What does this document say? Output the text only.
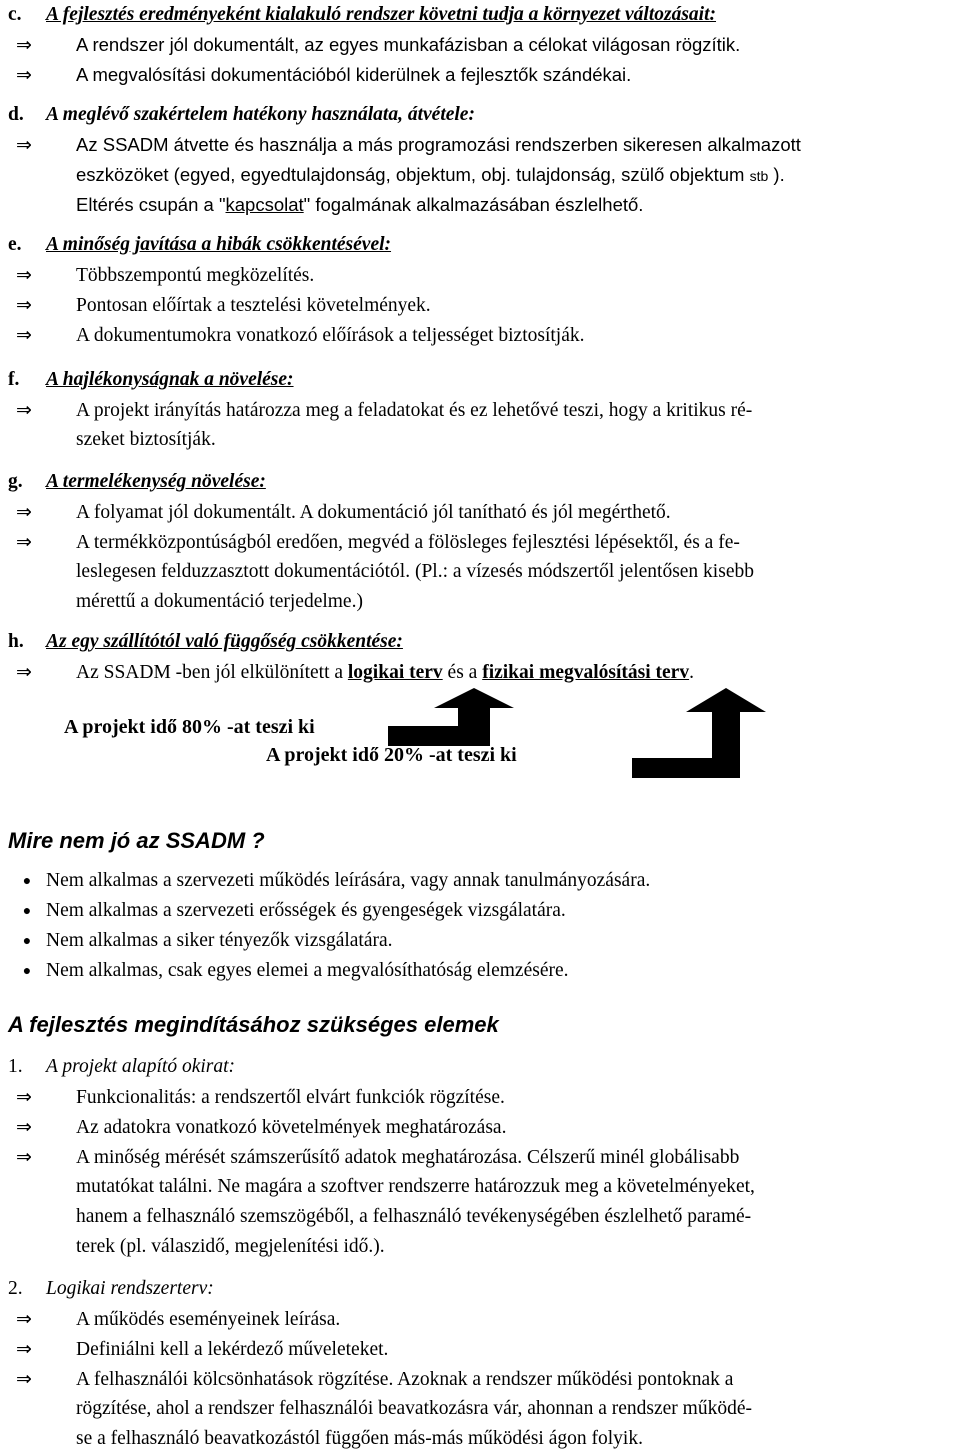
c. A fejlesztés eredményeként kialakuló rendszer követni tudja a környezet változásait:
⇒ A rendszer jól dokumentált, az egyes munkafázisban a célokat világosan rögzítik.
⇒ A megvalósítási dokumentációból kiderülnek a fejlesztők szándékai.
d. A meglévő szakértelem hatékony használata, átvétele:
⇒ Az SSADM átvette és használja a más programozási rendszerben sikeresen alkalmazott
eszközöket (egyed, egyedtulajdonság, objektum, obj. tulajdonság, szülő objektum stb ).
Eltérés csupán a "kapcsolat" fogalmának alkalmazásában észlelhető.
e. A minőség javítása a hibák csökkentésével:
⇒ Többszempontú megközelítés.
⇒ Pontosan előírtak a tesztelési követelmények.
⇒ A dokumentumokra vonatkozó előírások a teljességet biztosítják.
f. A hajlékonyságnak a növelése:
⇒ A projekt irányítás határozza meg a feladatokat és ez lehetővé teszi, hogy a kritikus ré-
szeket biztosítják.
g. A termelékenység növelése:
⇒ A folyamat jól dokumentált. A dokumentáció jól tanítható és jól megérthető.
⇒ A termékközpontúságból eredően, megvéd a fölösleges fejlesztési lépésektől, és a fe-
leslegesen felduzzasztott dokumentációtól. (Pl.: a vízesés módszertől jelentősen kisebb
mérettű a dokumentáció terjedelme.)
h. Az egy szállítótól való függőség csökkentése:
⇒ Az SSADM -ben jól elkülönített a logikai terv és a fizikai megvalósítási terv.
A projekt idő 80% -at teszi ki
A projekt idő 20% -at teszi ki
Mire nem jó az SSADM ?
● Nem alkalmas a szervezeti működés leírására, vagy annak tanulmányozására.
● Nem alkalmas a szervezeti erősségek és gyengeségek vizsgálatára.
● Nem alkalmas a siker tényezők vizsgálatára.
● Nem alkalmas, csak egyes elemei a megvalósíthatóság elemzésére.
A fejlesztés megindításához szükséges elemek
1. A projekt alapító okirat:
⇒ Funkcionalitás: a rendszertől elvárt funkciók rögzítése.
⇒ Az adatokra vonatkozó követelmények meghatározása.
⇒ A minőség mérését számszerűsítő adatok meghatározása. Célszerű minél globálisabb
mutatókat találni. Ne magára a szoftver rendszerre határozzuk meg a követelményeket,
hanem a felhasználó szemszögéből, a felhasználó tevékenységében észlelhető paramé-
terek (pl. válaszidő, megjelenítési idő.).
2. Logikai rendszerterv:
⇒ A működés eseményeinek leírása.
⇒ Definiálni kell a lekérdező műveleteket.
⇒ A felhasználói kölcsönhatások rögzítése. Azoknak a rendszer működési pontoknak a
rögzítése, ahol a rendszer felhasználói beavatkozásra vár, ahonnan a rendszer működé-
se a felhasználó beavatkozástól függően más-más működési ágon folyik.
